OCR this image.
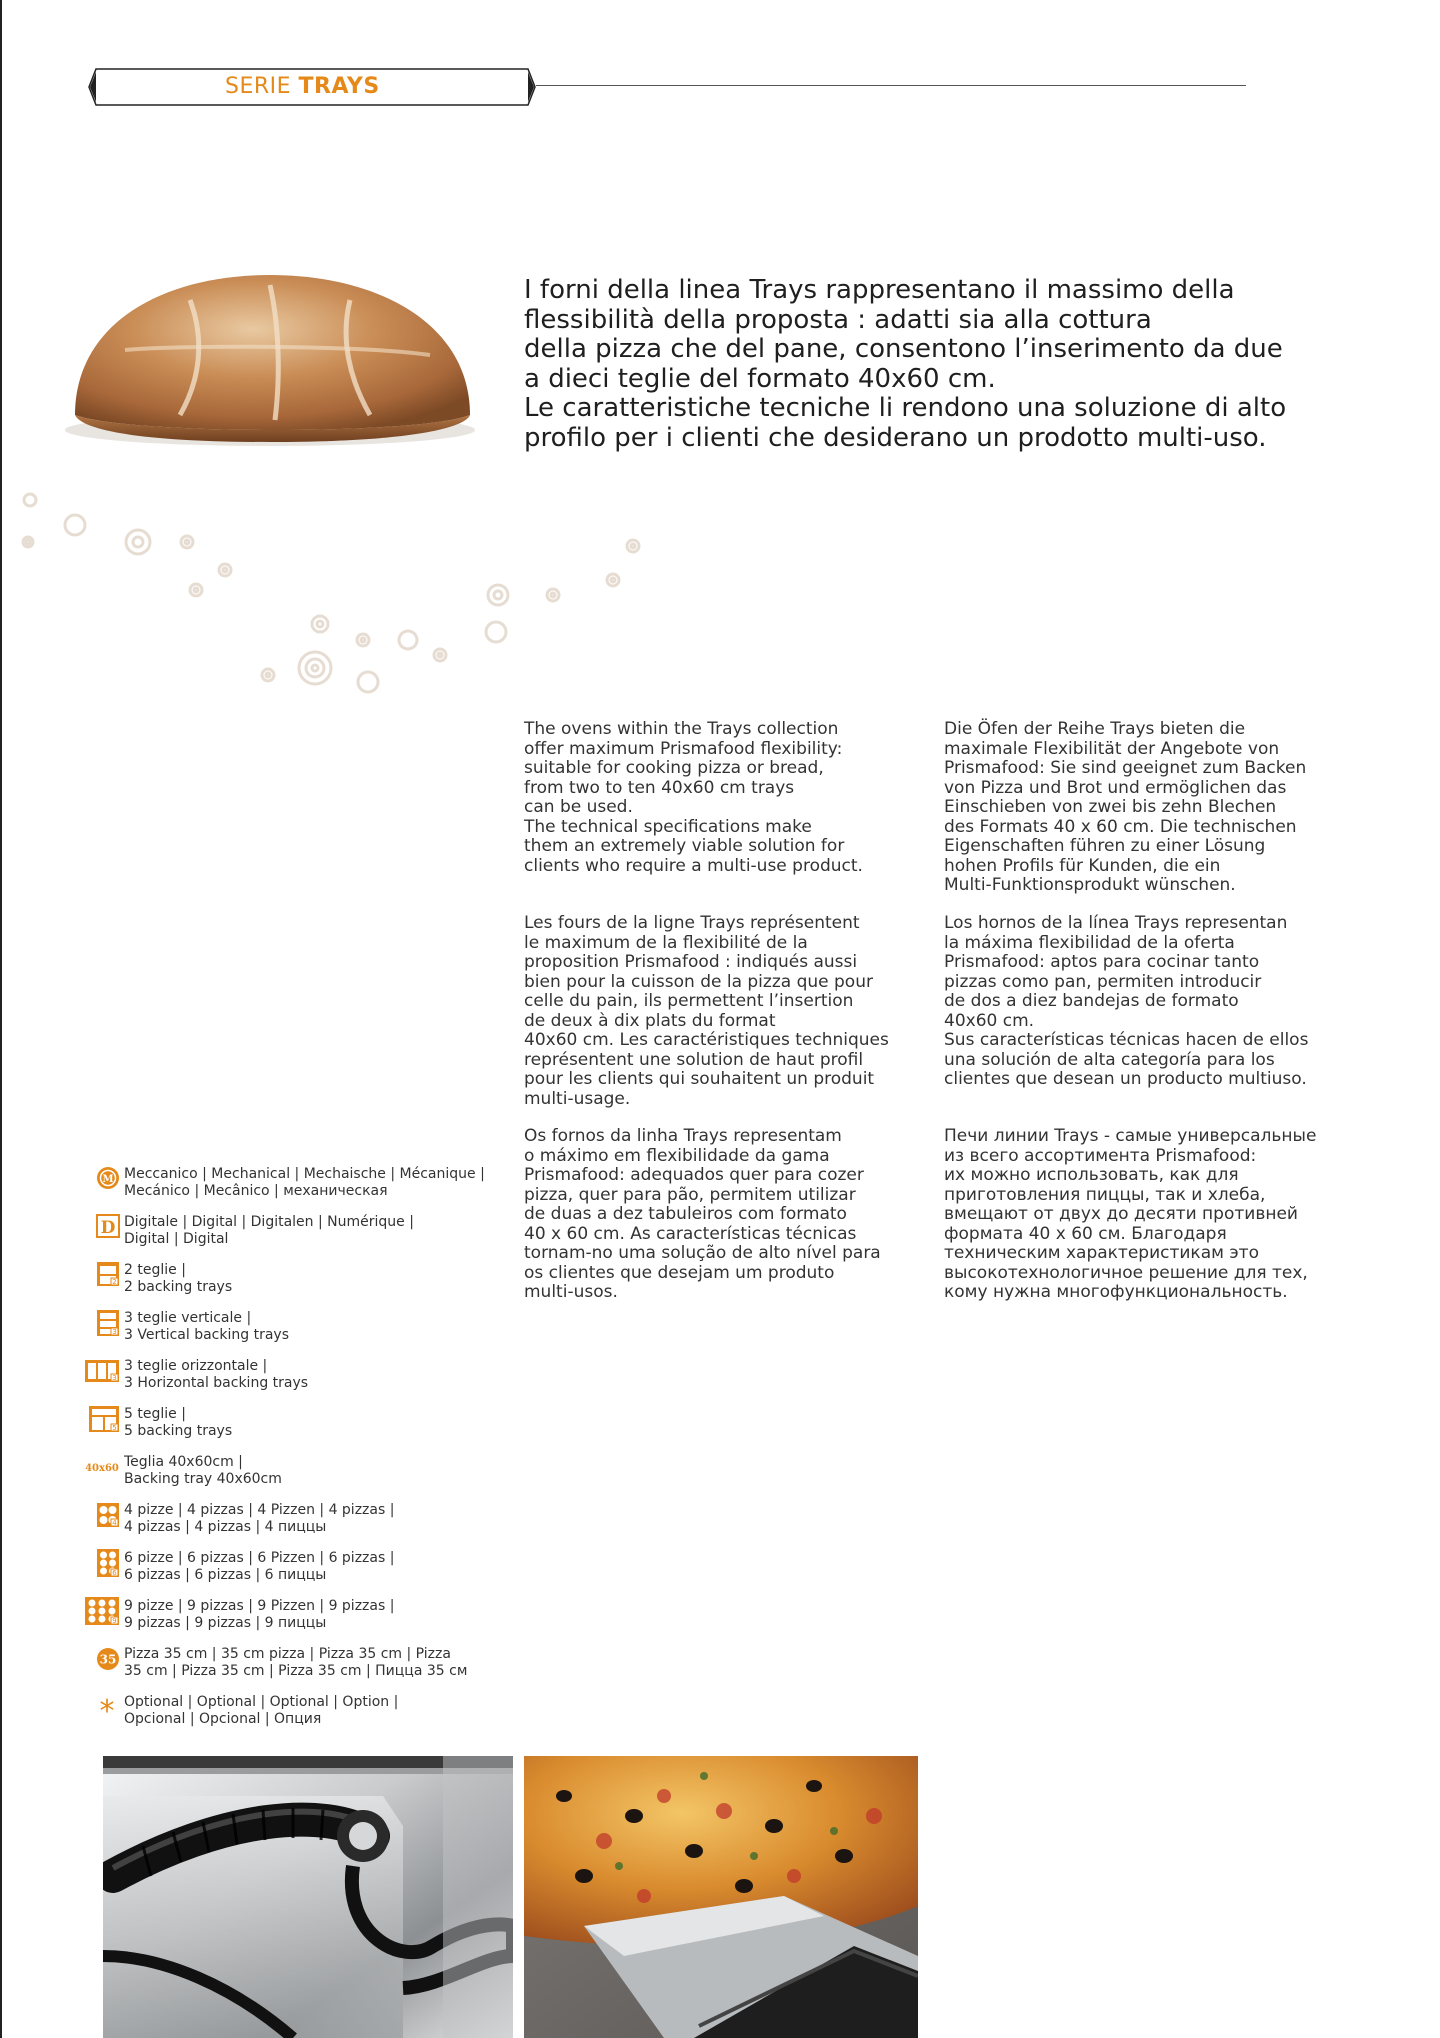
SERIE TRAYS
I forni della linea Trays rappresentano il massimo della
flessibilità della proposta : adatti sia alla cottura
della pizza che del pane, consentono l’inserimento da due
a dieci teglie del formato 40x60 cm.
Le caratteristiche tecniche li rendono una soluzione di alto
profilo per i clienti che desiderano un prodotto multi-uso.
The ovens within the Trays collection
offer maximum Prismafood flexibility:
suitable for cooking pizza or bread,
from two to ten 40x60 cm trays
can be used.
The technical specifications make
them an extremely viable solution for
clients who require a multi-use product.
Die Öfen der Reihe Trays bieten die
maximale Flexibilität der Angebote von
Prismafood: Sie sind geeignet zum Backen
von Pizza und Brot und ermöglichen das
Einschieben von zwei bis zehn Blechen
des Formats 40 x 60 cm. Die technischen
Eigenschaften führen zu einer Lösung
hohen Profils für Kunden, die ein
Multi-Funktionsprodukt wünschen.
Les fours de la ligne Trays représentent
le maximum de la flexibilité de la
proposition Prismafood : indiqués aussi
bien pour la cuisson de la pizza que pour
celle du pain, ils permettent l’insertion
de deux à dix plats du format
40x60 cm. Les caractéristiques techniques
représentent une solution de haut profil
pour les clients qui souhaitent un produit
multi-usage.
Los hornos de la línea Trays representan
la máxima flexibilidad de la oferta
Prismafood: aptos para cocinar tanto
pizzas como pan, permiten introducir
de dos a diez bandejas de formato
40x60 cm.
Sus características técnicas hacen de ellos
una solución de alta categoría para los
clientes que desean un producto multiuso.
Os fornos da linha Trays representam
o máximo em flexibilidade da gama
Prismafood: adequados quer para cozer
pizza, quer para pão, permitem utilizar
de duas a dez tabuleiros com formato
40 x 60 cm. As características técnicas
tornam-no uma solução de alto nível para
os clientes que desejam um produto
multi-usos.
Печи линии Trays - самые универсальные
из всего ассортимента Prismafood:
их можно использовать, как для
приготовления пиццы, так и хлеба,
вмещают от двух до десяти противней
формата 40 x 60 см. Благодаря
техническим характеристикам это
высокотехнологичное решение для тех,
кому нужна многофункциональность.
M Meccanico | Mechanical | Mechaische | Mécanique |
Mecánico | Mecânico | механическая
D Digitale | Digital | Digitalen | Numérique |
Digital | Digital
2
2 teglie |
2 backing trays
3
3 teglie verticale |
3 Vertical backing trays
3
3 teglie orizzontale |
3 Horizontal backing trays
5
5 teglie |
5 backing trays
40x60 Teglia 40x60cm |
Backing tray 40x60cm
4
4 pizze | 4 pizzas | 4 Pizzen | 4 pizzas |
4 pizzas | 4 pizzas | 4 пиццы
6
6 pizze | 6 pizzas | 6 Pizzen | 6 pizzas |
6 pizzas | 6 pizzas | 6 пиццы
9
9 pizze | 9 pizzas | 9 Pizzen | 9 pizzas |
9 pizzas | 9 pizzas | 9 пиццы
35 Pizza 35 cm | 35 cm pizza | Pizza 35 cm | Pizza
35 cm | Pizza 35 cm | Pizza 35 cm | Пицца 35 см
* Optional | Optional | Optional | Option |
Opcional | Opcional | Опция
